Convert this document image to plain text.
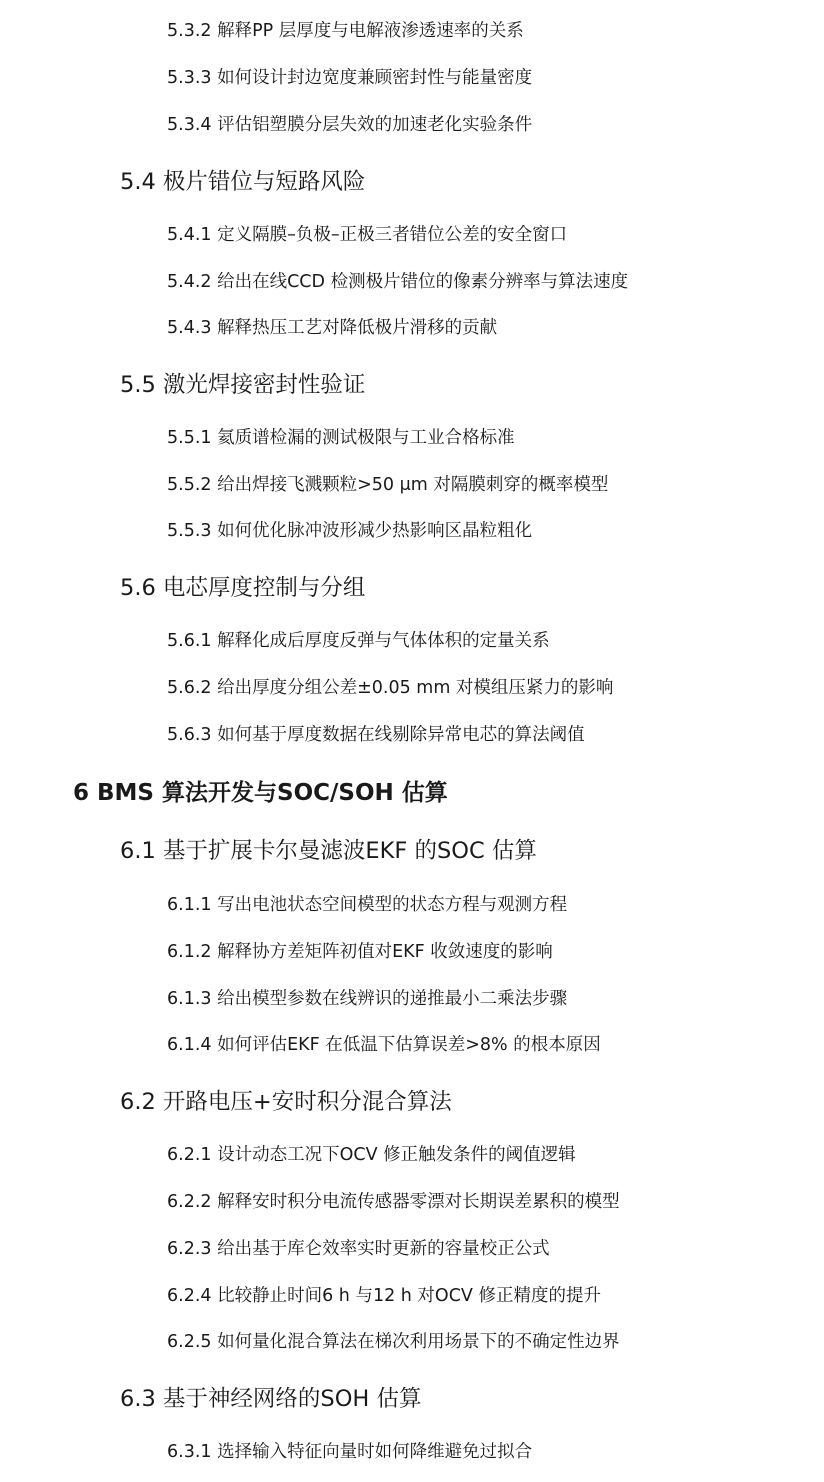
5.3.2 解释PP 层厚度与电解液渗透速率的关系
5.3.3 如何设计封边宽度兼顾密封性与能量密度
5.3.4 评估铝塑膜分层失效的加速老化实验条件
5.4 极片错位与短路风险
5.4.1 定义隔膜–负极–正极三者错位公差的安全窗口
5.4.2 给出在线CCD 检测极片错位的像素分辨率与算法速度
5.4.3 解释热压工艺对降低极片滑移的贡献
5.5 激光焊接密封性验证
5.5.1 氦质谱检漏的测试极限与工业合格标准
5.5.2 给出焊接飞溅颗粒>50 μm 对隔膜刺穿的概率模型
5.5.3 如何优化脉冲波形减少热影响区晶粒粗化
5.6 电芯厚度控制与分组
5.6.1 解释化成后厚度反弹与气体体积的定量关系
5.6.2 给出厚度分组公差±0.05 mm 对模组压紧力的影响
5.6.3 如何基于厚度数据在线剔除异常电芯的算法阈值
6 BMS 算法开发与SOC/SOH 估算
6.1 基于扩展卡尔曼滤波EKF 的SOC 估算
6.1.1 写出电池状态空间模型的状态方程与观测方程
6.1.2 解释协方差矩阵初值对EKF 收敛速度的影响
6.1.3 给出模型参数在线辨识的递推最小二乘法步骤
6.1.4 如何评估EKF 在低温下估算误差>8% 的根本原因
6.2 开路电压+安时积分混合算法
6.2.1 设计动态工况下OCV 修正触发条件的阈值逻辑
6.2.2 解释安时积分电流传感器零漂对长期误差累积的模型
6.2.3 给出基于库仑效率实时更新的容量校正公式
6.2.4 比较静止时间6 h 与12 h 对OCV 修正精度的提升
6.2.5 如何量化混合算法在梯次利用场景下的不确定性边界
6.3 基于神经网络的SOH 估算
6.3.1 选择输入特征向量时如何降维避免过拟合
